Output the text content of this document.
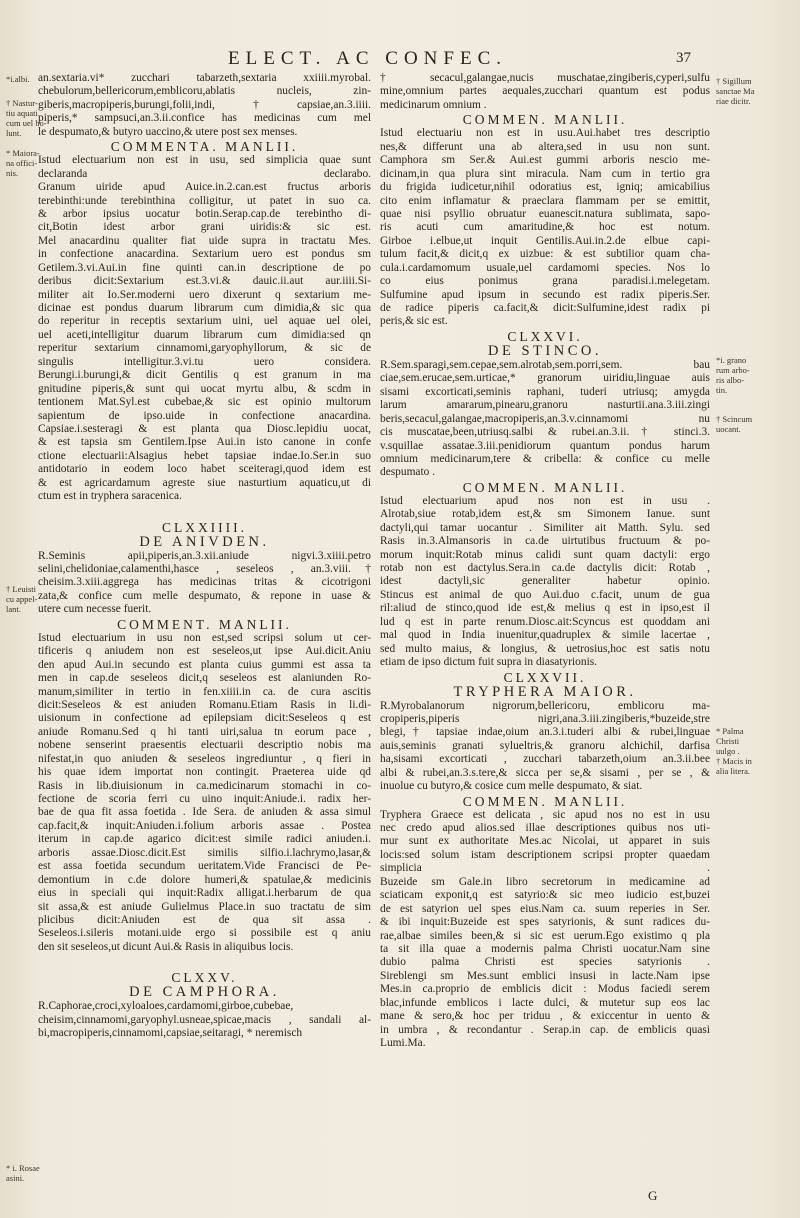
ELECT. AC CONFEC.	37
an.sextaria.vi* zucchari tabarzeth,sextaria xxiiii.myrobal.
chebulorum,bellericorum,emblicoru,ablatis nucleis, zin-
giberis,macropiperis,burungi,folii,indi,†capsiae,an.3.iiii.
piperis,* sampsuci,an.3.ii.confice has medicinas cum mel
le despumato,& butyro uaccino,& utere post sex menses.
COMMENTA. MANLII.
Istud electuarium non est in usu, sed simplicia quae sunt
declaranda declarabo.
Granum uiride apud Auice.in.2.can.est fructus arboris
terebinthi:unde terebinthina colligitur, ut patet in suo ca.
& arbor ipsius uocatur botin.Serap.cap.de terebintho di-
cit,Botin idest arbor grani uiridis:& sic est.
Mel anacardinu qualiter fiat uide supra in tractatu Mes.
in confectione anacardina. Sextarium uero est pondus sm
Getilem.3.vi.Aui.in fine quinti can.in descriptione de po
deribus dicit:Sextarium est.3.vi.& dauic.ii.aut aur.iiii.Si-
militer ait Io.Ser.moderni uero dixerunt q sextarium me-
dicinae est pondus duarum librarum cum dimidia,& sic qua
do reperitur in receptis sextarium uini, uel aquae uel olei,
uel aceti,intelligitur duarum librarum cum dimidia:sed qn
reperitur sextarium cinnamomi,garyophyllorum, & sic de
singulis intelligitur.3.vi.tu uero considera.
Berungi.i.burungi,& dicit Gentilis q est granum in ma
gnitudine piperis,& sunt qui uocat myrtu albu, & scdm in
tentionem Mat.Syl.est cubebae,& sic est opinio multorum
sapientum de ipso.uide in confectione anacardina.
Capsiae.i.sesteragi & est planta qua Diosc.lepidiu uocat,
& est tapsia sm Gentilem.Ipse Aui.in isto canone in confe
ctione electuarii:Alsagius hebet tapsiae indae.Io.Ser.in suo
antidotario in eodem loco habet sceiteragi,quod idem est
& est agricardamum agreste siue nasturtium aquaticu,ut di
ctum est in tryphera saracenica.
CLXXIIII.
DE ANIVDEN.
R.Seminis apii,piperis,an.3.xii.aniude nigvi.3.xiiii.petro
selini,chelidoniae,calamenthi,hasce , seseleos , an.3.viii.†
cheisim.3.xiii.aggrega has medicinas tritas & cicotrigoni
zata,& confice cum melle despumato, & repone in uase &
utere cum necesse fuerit.
COMMENT. MANLII.
Istud electuarium in usu non est,sed scripsi solum ut cer-
tificeris q aniudem non est seseleos,ut ipse Aui.dicit.Aniu
den apud Aui.in secundo est planta cuius gummi est assa ta
men in cap.de seseleos dicit,q seseleos est alaniunden Ro-
manum,similiter in tertio in fen.xiiii.in ca. de cura ascitis
dicit:Seseleos & est aniuden Romanu.Etiam Rasis in li.di-
uisionum in confectione ad epilepsiam dicit:Seseleos q est
aniude Romanu.Sed q hi tanti uiri,salua tn eorum pace ,
nobene senserint praesentis electuarii descriptio nobis ma
nifestat,in quo aniuden & seseleos ingrediuntur , q fieri in
his quae idem importat non contingit. Praeterea uide qd
Rasis in lib.diuisionum in ca.medicinarum stomachi in co-
fectione de scoria ferri cu uino inquit:Aniude.i. radix her-
bae de qua fit assa foetida . Ide Sera. de aniuden & assa simul
cap.facit,& inquit:Aniuden.i.folium arboris assae . Postea
iterum in cap.de agarico dicit:est simile radici aniuden.i.
arboris assae.Diosc.dicit.Est similis silfio.i.lachrymo,lasar,&
est assa foetida secundum ueritatem.Vide Francisci de Pe-
demontium in c.de dolore humeri,& spatulae,& medicinis
eius in speciali qui inquit:Radix alligat.i.herbarum de qua
sit assa,& est aniude Gulielmus Place.in suo tractatu de sim
plicibus dicit:Aniuden est de qua sit assa .
Seseleos.i.sileris motani.uide ergo si possibile est q aniu
den sit seseleos,ut dicunt Aui.& Rasis in aliquibus locis.
CLXXV.
DE CAMPHORA.
R.Caphorae,croci,xyloaloes,cardamomi,girboe,cubebae,
cheisim,cinnamomi,garyophyl.usneae,spicae,macis , sandali al-
bi,macropiperis,cinnamomi,capsiae,seitaragi, * neremisch
† secacul,galangae,nucis muschatae,zingiberis,cyperi,sulfu
mine,omnium partes aequales,zucchari quantum est podus
medicinarum omnium .
COMMEN. MANLII.
Istud electuariu non est in usu.Aui.habet tres descriptio
nes,& differunt una ab altera,sed in usu non sunt.
Camphora sm Ser.& Aui.est gummi arboris nescio me-
dicinam,in qua plura sint miracula. Nam cum in tertio gra
du frigida iudicetur,nihil odoratius est, igniq; amicabilius
cito enim inflamatur & praeclara flammam per se emittit,
quae nisi psyllio obruatur euanescit.natura sublimata, sapo-
ris acuti cum amaritudine,& hoc est notum.
Girboe i.elbue,ut inquit Gentilis.Aui.in.2.de elbue capi-
tulum facit,& dicit,q ex uizbue: & est subtilior quam cha-
cula.i.cardamomum usuale,uel cardamomi species. Nos lo
co eius ponimus grana paradisi.i.melegetam.
Sulfumine apud ipsum in secundo est radix piperis.Ser.
de radice piperis ca.facit,& dicit:Sulfumine,idest radix pi
peris,& sic est.
CLXXVI.
DE STINCO.
R.Sem.sparagi,sem.cepae,sem.alrotab,sem.porri,sem. bau
ciae,sem.erucae,sem.urticae,* granorum uiridiu,linguae auis
sisami excorticati,seminis raphani, tuderi utriusq; amygda
larum amararum,pinearu,granoru nasturtii.ana.3.iii.zingi
beris,secacul,galangae,macropiperis,an.3.v.cinnamomi nu
cis muscatae,been,utriusq.salbi & rubei.an.3.ii.† stinci.3.
v.squillae assatae.3.iii.penidiorum quantum pondus harum
omnium medicinarum,tere & cribella: & confice cu melle
despumato .
COMMEN. MANLII.
Istud electuarium apud nos non est in usu .
Alrotab,siue rotab,idem est,& sm Simonem Ianue. sunt
dactyli,qui tamar uocantur . Similiter ait Matth. Sylu. sed
Rasis in.3.Almansoris in ca.de uirtutibus fructuum & po-
morum inquit:Rotab minus calidi sunt quam dactyli: ergo
rotab non est dactylus.Sera.in ca.de dactylis dicit: Rotab ,
idest dactyli,sic generaliter habetur opinio.
Stincus est animal de quo Aui.duo c.facit, unum de gua
ril:aliud de stinco,quod ide est,& melius q est in ipso,est il
lud q est in parte renum.Diosc.ait:Scyncus est quoddam ani
mal quod in India inuenitur,quadruplex & simile lacertae ,
sed multo maius, & longius, & uetrosius,hoc est satis notu
etiam de ipso dictum fuit supra in diasatyrionis.
CLXXVII.
TRYPHERA MAIOR.
R.Myrobalanorum nigrorum,bellericoru, emblicoru ma-
cropiperis,piperis nigri,ana.3.iii.zingiberis,*buzeide,stre
blegi,† tapsiae indae,oium an.3.i.tuderi albi & rubei,linguae
auis,seminis granati sylueltris,& granoru alchichil, darfisa
ha,sisami excorticati , zucchari tabarzeth,oium an.3.ii.bee
albi & rubei,an.3.s.tere,& sicca per se,& sisami , per se , &
inuolue cu butyro,& cosice cum melle despumato, & siat.
COMMEN. MANLII.
Tryphera Graece est delicata , sic apud nos no est in usu
nec credo apud alios.sed illae descriptiones quibus nos uti-
mur sunt ex authoritate Mes.ac Nicolai, ut apparet in suis
locis:sed solum istam descriptionem scripsi propter quaedam
simplicia .
Buzeide sm Gale.in libro secretorum in medicamine ad
sciaticam exponit,q est satyrio:& sic meo iudicio est,buzei
de est satyrion uel spes eius.Nam ca. suum reperies in Ser.
& ibi inquit:Buzeide est spes satyrionis, & sunt radices du-
rae,albae similes been,& si sic est uerum.Ego existimo q pla
ta sit illa quae a modernis palma Christi uocatur.Nam sine
dubio palma Christi est species satyrionis .
Sireblengi sm Mes.sunt emblici insusi in lacte.Nam ipse
Mes.in ca.proprio de emblicis dicit : Modus faciedi serem
blac,infunde emblicos i lacte dulci, & mutetur sup eos lac
mane & sero,& hoc per triduu , & exiccentur in uento &
in umbra , & recondantur . Serap.in cap. de emblicis quasi
Lumi.Ma.
*i.albi.
† Nastur-
tiu aquati
cum uel ho-
lunt.
* Maiora-
na offici-
nis.
† Leuisti
cu appel-
lant.
* i. Rosae
asini.
† Sigillum
sanctae Ma
riae dicitr.
*i. grano
rum arbo-
ris albo-
tin.
† Scincum
uocant.
* Palma
Christi
uulgo .
† Macis in
alia litera.
G
